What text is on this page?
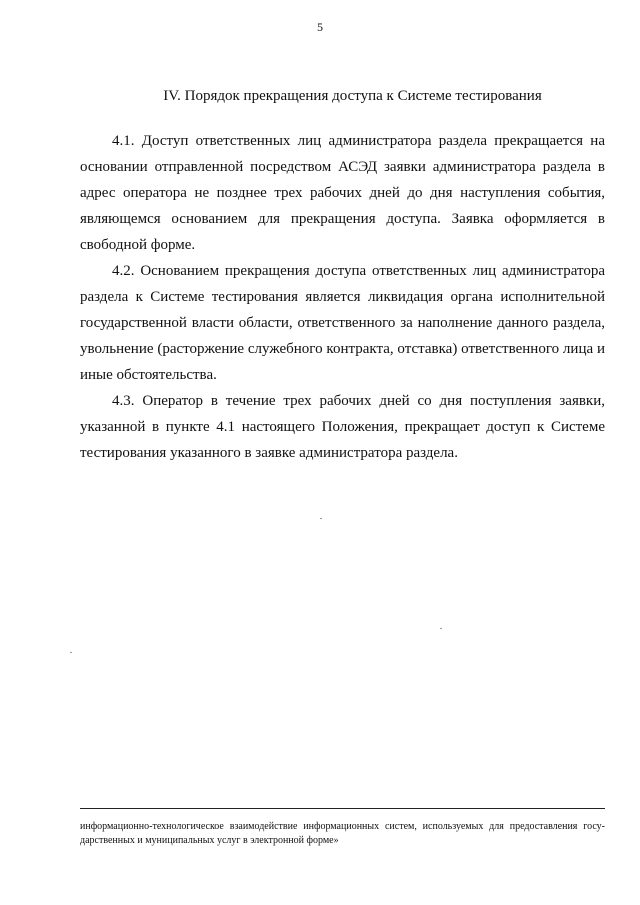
5
IV. Порядок прекращения доступа к Системе тестирования

4.1. Доступ ответственных лиц администратора раздела прекращается на основании отправленной посредством АСЭД заявки администратора раздела в адрес оператора не позднее трех рабочих дней до дня наступления события, являющемся основанием для прекращения доступа. Заявка оформляется в свободной форме.

4.2. Основанием прекращения доступа ответственных лиц администратора раздела к Системе тестирования является ликвидация органа исполнительной государственной власти области, ответственного за наполнение данного раздела, увольнение (расторжение служебного контракта, отставка) ответственного лица и иные обстоятельства.

4.3. Оператор в течение трех рабочих дней со дня поступления заявки, указанной в пункте 4.1 настоящего Положения, прекращает доступ к Системе тестирования указанного в заявке администратора раздела.

информационно-технологическое взаимодействие информационных систем, используемых для предоставления государственных и муниципальных услуг в электронной форме»
